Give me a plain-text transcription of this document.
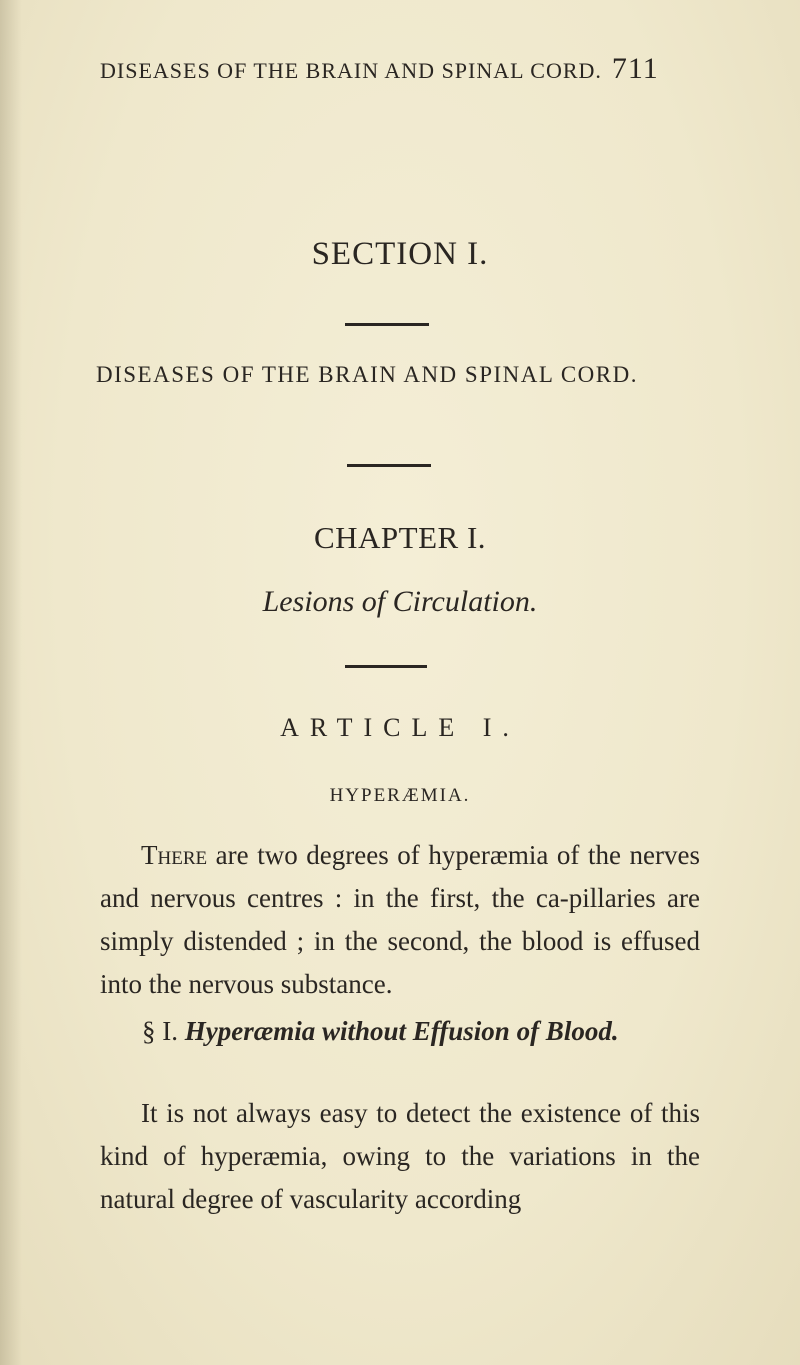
DISEASES OF THE BRAIN AND SPINAL CORD. 711
SECTION I.
DISEASES OF THE BRAIN AND SPINAL CORD.
CHAPTER I.
Lesions of Circulation.
ARTICLE I.
HYPERÆMIA.
There are two degrees of hyperæmia of the nerves and nervous centres : in the first, the ca-pillaries are simply distended ; in the second, the blood is effused into the nervous substance.
§ I. Hyperæmia without Effusion of Blood.
It is not always easy to detect the existence of this kind of hyperæmia, owing to the variations in the natural degree of vascularity according
